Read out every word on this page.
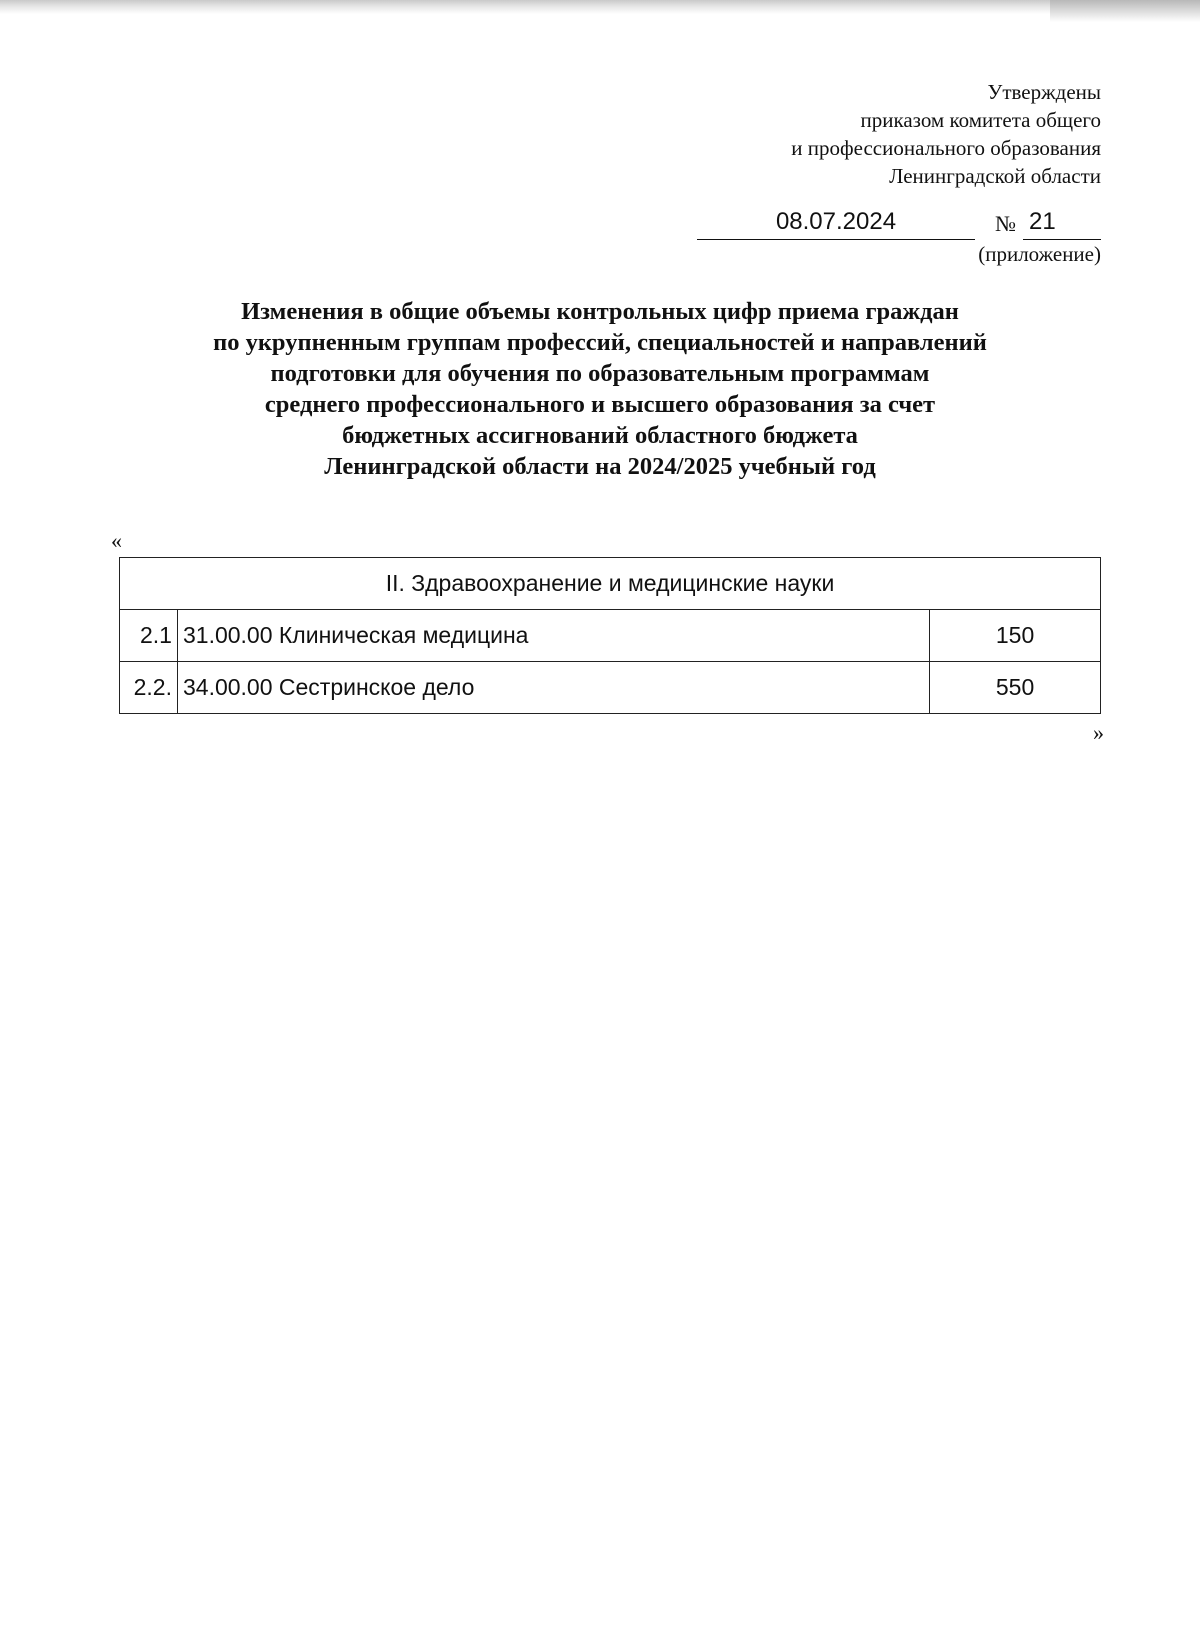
Утверждены
приказом комитета общего
и профессионального образования
Ленинградской области
08.07.2024	№ 21
(приложение)
Изменения в общие объемы контрольных цифр приема граждан
по укрупненным группам профессий, специальностей и направлений
подготовки для обучения по образовательным программам
среднего профессионального и высшего образования за счет
бюджетных ассигнований областного бюджета
Ленинградской области на 2024/2025 учебный год
«
II. Здравоохранение и медицинские науки		
2.1	31.00.00 Клиническая медицина	150
2.2.	34.00.00 Сестринское дело	550
»
